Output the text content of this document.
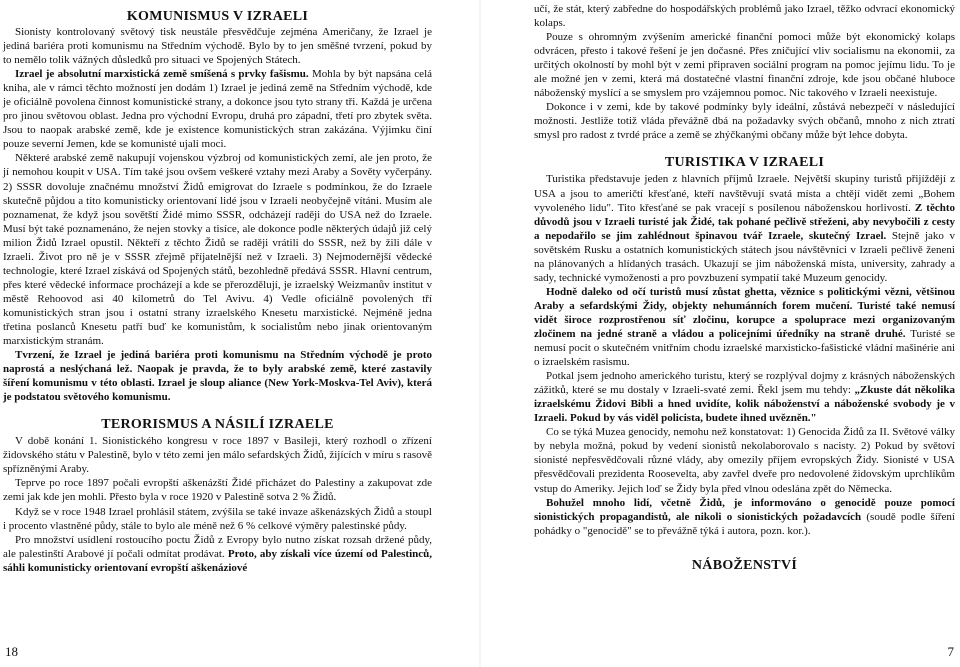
KOMUNISMUS V IZRAELI

Sionisty kontrolovaný světový tisk neustále přesvědčuje zejména Američany, že Izrael je jediná bariéra proti komunismu na Středním východě. Bylo by to jen směšné tvrzení, pokud by to nemělo tolik vážných důsledků pro situaci ve Spojených Státech.

Izrael je absolutní marxistická země smíšená s prvky fašismu. Mohla by být napsána celá kniha, ale v rámci těchto možností jen dodám 1) Izrael je jediná země na Středním východě, kde je oficiálně povolena činnost komunistické strany, a dokonce jsou tyto strany tři. Každá je určena pro jinou světovou oblast. Jedna pro východní Evropu, druhá pro západní, třetí pro zbytek světa. Jsou to naopak arabské země, kde je existence komunistických stran zakázána. Výjimku činí pouze severní Jemen, kde se komunisté ujali moci.

Některé arabské země nakupují vojenskou výzbroj od komunistických zemí, ale jen proto, že jí nemohou koupit v USA. Tím také jsou ovšem veškeré vztahy mezi Araby a Sověty vyčerpány. 2) SSSR dovoluje značnému množství Židů emigrovat do Izraele s podmínkou, že do Izraele skutečně půjdou a tito komunisticky orientovaní lidé jsou v Izraeli neobyčejně vítáni. Musím ale poznamenat, že když jsou sovětští Židé mimo SSSR, odcházejí raději do USA než do Izraele. Musí být také poznamenáno, že nejen stovky a tisíce, ale dokonce podle některých údajů již celý milion Židů Izrael opustil. Někteří z těchto Židů se raději vrátili do SSSR, než by žili dále v Izraeli. Život pro ně je v SSSR zřejmě příjatelnější než v Izraeli. 3) Nejmodernější vědecké technologie, které Izrael získává od Spojených států, bezohledně předává SSSR. Hlavní centrum, přes které vědecké informace procházejí a kde se přerozdělují, je izraelský Weizmanův institut v městě Rehoovod asi 40 kilometrů do Tel Avivu. 4) Vedle oficiálně povolených tří komunistických stran jsou i ostatní strany izraelského Knesetu marxistické. Nejméně jedna třetina poslanců Knesetu patří buď ke komunistům, k socialistům nebo jinak orientovaným marxistickým stranám.

Tvrzení, že Izrael je jediná bariéra proti komunismu na Středním východě je proto naprostá a neslýchaná lež. Naopak je pravda, že to byly arabské země, které zastavily šíření komunismu v této oblasti. Izrael je sloup aliance (New York-Moskva-Tel Aviv), která je podstatou světového komunismu.

TERORISMUS A NÁSILÍ IZRAELE

V době konání 1. Sionistického kongresu v roce 1897 v Basileji, který rozhodl o zřízení židovského státu v Palestině, bylo v této zemi jen málo sefardských Židů, žijících v míru s rasově spřízněnými Araby.

Teprve po roce 1897 počali evropští aškenázští Židé přicházet do Palestiny a zakupovat zde zemi jak kde jen mohli. Přesto byla v roce 1920 v Palestině sotva 2 % Židů.

Když se v roce 1948 Izrael prohlásil státem, zvýšila se také invaze aškenázských Židů a stoupl i procento vlastněné půdy, stále to bylo ale méně než 6 % celkové výměry palestinské půdy.

Pro množství usídlení rostoucího poctu Židů z Evropy bylo nutno získat rozsah držené půdy, ale palestinští Arabové jí počali odmítat prodávat. Proto, aby získali více území od Palestinců, sáhli komunisticky orientovaní evropští aškenáziové

18

učí, že stát, který zabředne do hospodářských problémů jako Izrael, těžko odvrací ekonomický kolaps.

Pouze s ohromným zvýšením americké finanční pomoci může být ekonomický kolaps odvrácen, přesto i takové řešení je jen dočasné. Přes zničující vliv socialismu na ekonomii, za určitých okolností by mohl být v zemi připraven sociální program na pomoc jejímu lidu. To je ale možné jen v zemi, která má dostatečné vlastní finanční zdroje, kde jsou občané hluboce náboženský myslící a se smyslem pro vzájemnou pomoc. Nic takového v Izraeli neexistuje.

Dokonce i v zemi, kde by takové podmínky byly ideální, zůstává nebezpečí v následující možnosti. Jestliže totiž vláda převážně dbá na požadavky svých občanů, mnoho z nich ztratí smysl pro radost z tvrdé práce a země se zhýčkanými občany může být lehce dobyta.

TURISTIKA V IZRAELI

Turistika představuje jeden z hlavních příjmů Izraele. Největší skupiny turistů přijíždějí z USA a jsou to američtí křesťané, kteří navštěvují svatá místa a chtějí vidět zemi „Bohem vyvoleného lidu". Tito křesťané se pak vracejí s posílenou náboženskou horlivostí. Z těchto důvodů jsou v Izraeli turisté jak Židé, tak pohané pečlivě střeženi, aby nevybočili z cesty a nepodařilo se jim zahlédnout špinavou tvář Izraele, skutečný Izrael. Stejně jako v sovětském Rusku a ostatních komunistických státech jsou návštěvníci v Izraeli pečlivě ženeni na plánovaných a hlídaných trasách. Ukazují se jim náboženská místa, university, zahrady a sady, technické vymoženosti a pro povzbuzení sympatií také Muzeum genocidy.

Hodně daleko od očí turistů musí zůstat ghetta, věznice s politickými vězni, většinou Araby a sefardskými Židy, objekty nehumánních forem mučení. Turisté také nemusí vidět široce rozprostřenou síť zločinu, korupce a spoluprace mezi organizovaným zločinem na jedné straně a vládou a policejními úředníky na straně druhé. Turisté se nemusí pocit o skutečném vnitřním chodu izraelské marxisticko-fašistické vládní mašinérie ani o izraelském rasismu.

Potkal jsem jednoho amerického turistu, který se rozplýval dojmy z krásných náboženských zážitků, které se mu dostaly v Izraeli-svaté zemi. Řekl jsem mu tehdy: „Zkuste dát několika izraelskému Židovi Bibli a hned uvidíte, kolik náboženství a náboženské svobody je v Izraeli. Pokud by vás viděl policista, budete ihned uvězněn."

Co se týká Muzea genocidy, nemohu než konstatovat: 1) Genocida Židů za II. Světové války by nebyla možná, pokud by vedení sionistů nekolaborovalo s nacisty. 2) Pokud by světoví sionisté nepřesvědčovali různé vlády, aby omezily příjem evropských Židy. Sionisté v USA přesvědčovali prezidenta Roosevelta, aby zavřel dveře pro nedovolené židovským uprchlíkům vstup do Ameriky. Jejich loď se Židy byla před vlnou odeslána zpět do Německa.

Bohužel mnoho lidí, včetně Židů, je informováno o genocidě pouze pomocí sionistických propagandistů, ale nikoli o sionistických požadavcích (soudě podle šíření pohádky o "genocidě" se to převážně týká i autora, pozn. kor.).

NÁBOŽENSTVÍ
7
